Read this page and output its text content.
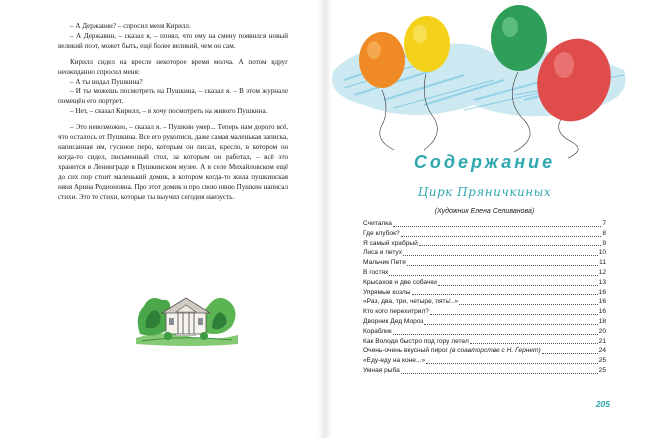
– А Державин? – спросил меня Кирилл.

– А Державин, – сказал я, – понял, что ему на смену появился новый великий поэт, может быть, ещё более великий, чем он сам.

Кирилл сидел на кресле некоторое время молча. А потом вдруг неожиданно спросил меня:

– А ты видал Пушкина?

– И ты можешь посмотреть на Пушкина, – сказал я. – В этом журнале помещён его портрет.

– Нет, – сказал Кирилл, – я хочу посмотреть на живого Пушкина.

– Это невозможно, – сказал я. – Пушкин умер... Теперь нам дорого всё, что осталось от Пушкина. Все его рукописи, даже самая маленькая записка, написанная им, гусиное перо, которым он писал, кресло, в котором он когда-то сидел, письменный стол, за которым он работал, – всё это хранится в Ленинграде в Пушкинском музее. А в селе Михайловском ещё до сих пор стоит маленький домик, в котором когда-то жила пушкинская няня Арина Родионовна. Про этот домик и про свою няню Пушкин написал стихи. Это те стихи, которые ты выучил сегодня наизусть.

Содержание
Цирк Пряничкиных
(Художник Елена Селиванова)
Считалка	7
Где клубок?	8
Я самый храбрый	9
Лиса и петух	10
Мальчик Петя	11
В гостях	12
Крысахов и две собачки	13
Упрямые козлы	16
«Раз, два, три, четыре, пять!..»	16
Кто кого перехитрил?	16
Дворник Дед Мороз	18
Кораблик	20
Как Володя быстро под гору летел	21
Очень-очень вкусный пирог (в соавторстве с Н. Гернет)	24
«Еду-еду на коне...»	25
Умная рыба	25
205
